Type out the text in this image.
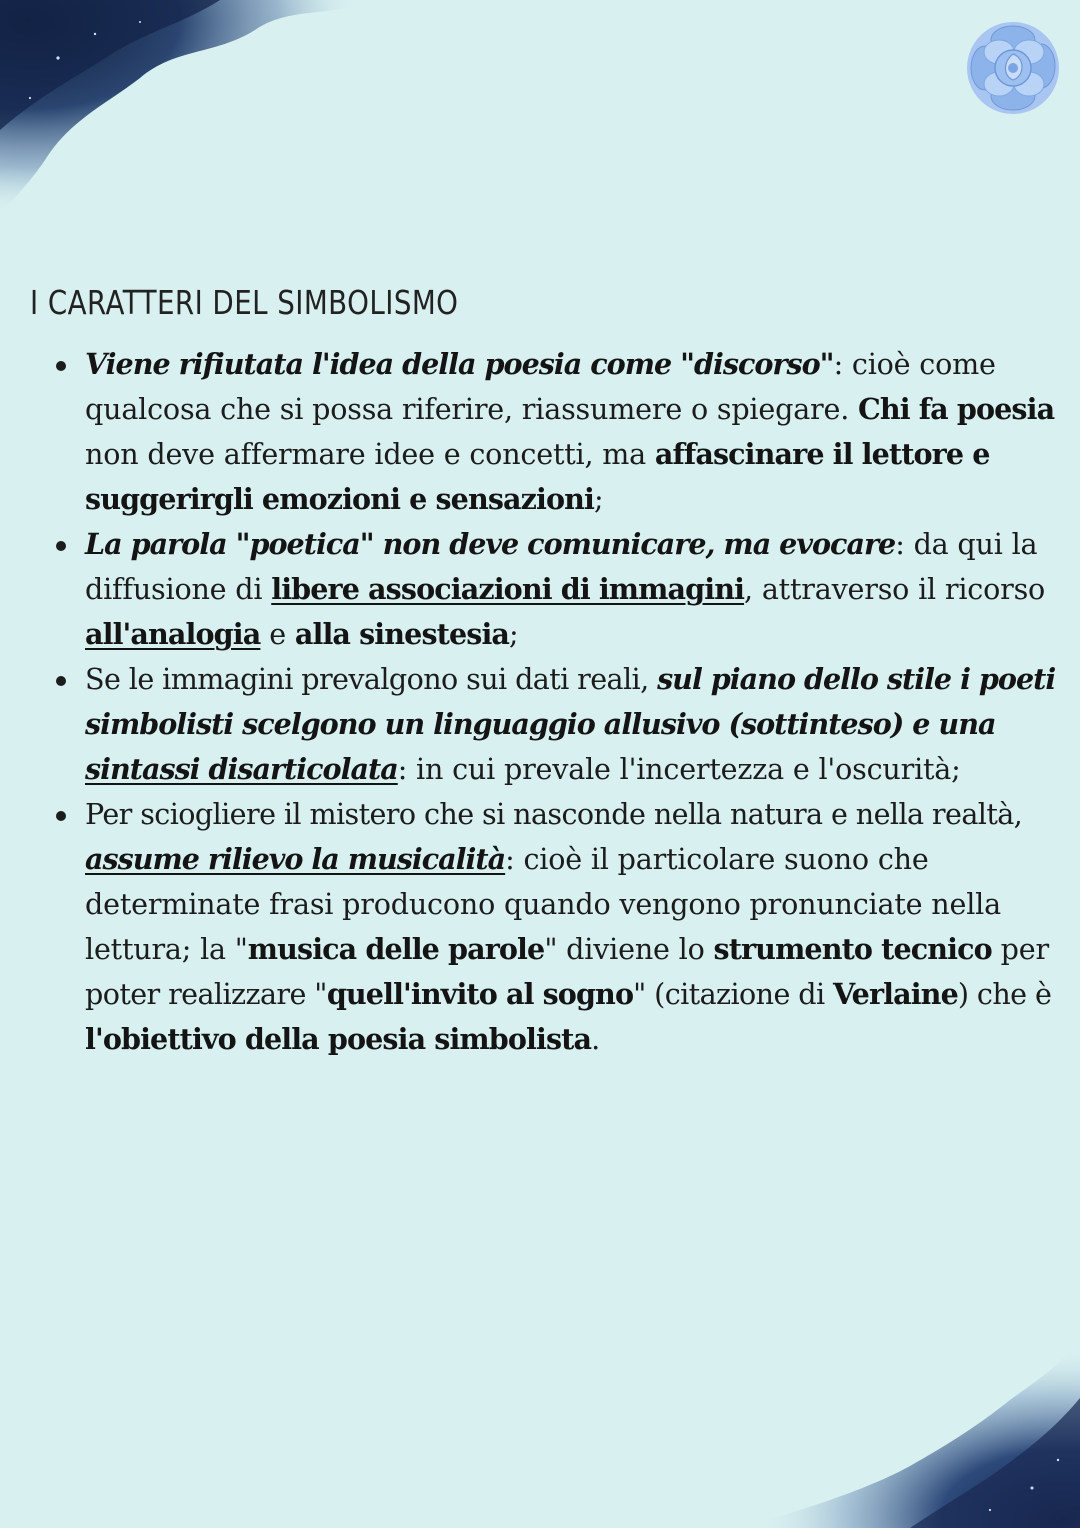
I CARATTERI DEL SIMBOLISMO
Viene rifiutata l'idea della poesia come "discorso": cioè come
qualcosa che si possa riferire, riassumere o spiegare. Chi fa poesia
non deve affermare idee e concetti, ma affascinare il lettore e
suggerirgli emozioni e sensazioni;
La parola "poetica" non deve comunicare, ma evocare: da qui la
diffusione di libere associazioni di immagini, attraverso il ricorso
all'analogia e alla sinestesia;
Se le immagini prevalgono sui dati reali, sul piano dello stile i poeti
simbolisti scelgono un linguaggio allusivo (sottinteso) e una
sintassi disarticolata: in cui prevale l'incertezza e l'oscurità;
Per sciogliere il mistero che si nasconde nella natura e nella realtà,
assume rilievo la musicalità: cioè il particolare suono che
determinate frasi producono quando vengono pronunciate nella
lettura; la "musica delle parole" diviene lo strumento tecnico per
poter realizzare "quell'invito al sogno" (citazione di Verlaine) che è
l'obiettivo della poesia simbolista.
